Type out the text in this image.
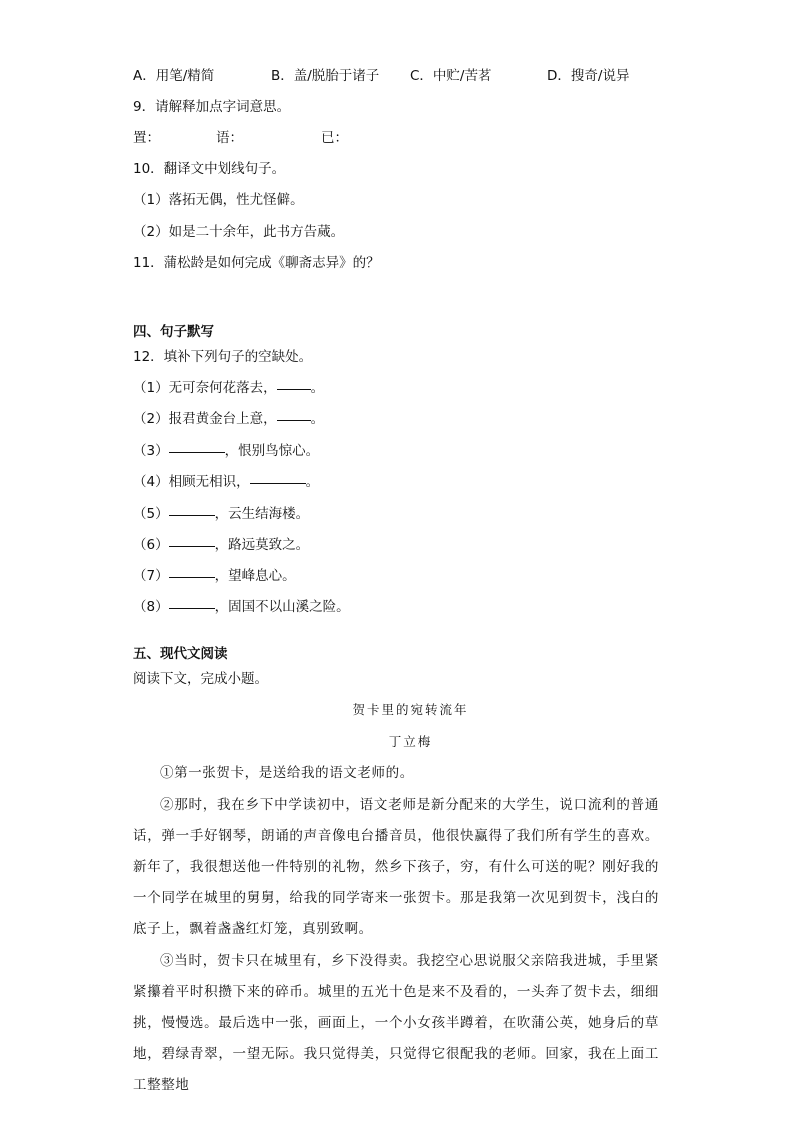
A．用笔/精简	B．盖/脱胎于诸子 C．中贮/苦茗	D．搜奇/说异

9．请解释加点字词意思。

置：	语：	已：

10．翻译文中划线句子。

（1）落拓无偶，性尤怪僻。

（2）如是二十余年，此书方告蒇。

11．蒲松龄是如何完成《聊斋志异》的？

四、句子默写

12．填补下列句子的空缺处。

（1）无可奈何花落去，	。

（2）报君黄金台上意，	。

（3）	，恨别鸟惊心。

（4）相顾无相识，	。

（5）	，云生结海楼。

（6）	，路远莫致之。

（7）	，望峰息心。

（8）	，固国不以山溪之险。

五、现代文阅读

阅读下文，完成小题。

贺卡里的宛转流年
丁立梅

①第一张贺卡，是送给我的语文老师的。

②那时，我在乡下中学读初中，语文老师是新分配来的大学生，说口流利的普通话，弹一手好钢琴，朗诵的声音像电台播音员，他很快赢得了我们所有学生的喜欢。新年了，我很想送他一件特别的礼物，然乡下孩子，穷，有什么可送的呢？刚好我的一个同学在城里的舅舅，给我的同学寄来一张贺卡。那是我第一次见到贺卡，浅白的底子上，飘着盏盏红灯笼，真别致啊。

③当时，贺卡只在城里有，乡下没得卖。我挖空心思说服父亲陪我进城，手里紧紧攥着平时积攒下来的碎币。城里的五光十色是来不及看的，一头奔了贺卡去，细细挑，慢慢选。最后选中一张，画面上，一个小女孩半蹲着，在吹蒲公英，她身后的草地，碧绿青翠，一望无际。我只觉得美，只觉得它很配我的老师。回家，我在上面工工整整地
